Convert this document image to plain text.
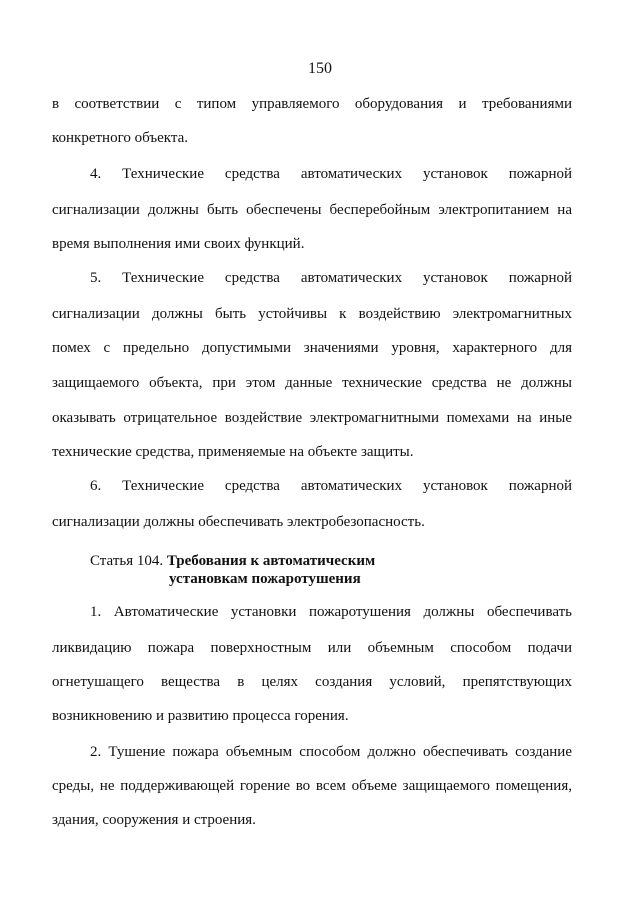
150
в соответствии с типом управляемого оборудования и требованиями
конкретного объекта.
4. Технические средства автоматических установок пожарной
сигнализации должны быть обеспечены бесперебойным электропитанием на
время выполнения ими своих функций.
5. Технические средства автоматических установок пожарной
сигнализации должны быть устойчивы к воздействию электромагнитных
помех с предельно допустимыми значениями уровня, характерного для
защищаемого объекта, при этом данные технические средства не должны
оказывать отрицательное воздействие электромагнитными помехами на иные
технические средства, применяемые на объекте защиты.
6. Технические средства автоматических установок пожарной
сигнализации должны обеспечивать электробезопасность.
Статья 104. Требования к автоматическим
установкам пожаротушения
1. Автоматические установки пожаротушения должны обеспечивать
ликвидацию пожара поверхностным или объемным способом подачи
огнетушащего вещества в целях создания условий, препятствующих
возникновению и развитию процесса горения.
2. Тушение пожара объемным способом должно обеспечивать создание
среды, не поддерживающей горение во всем объеме защищаемого помещения,
здания, сооружения и строения.
